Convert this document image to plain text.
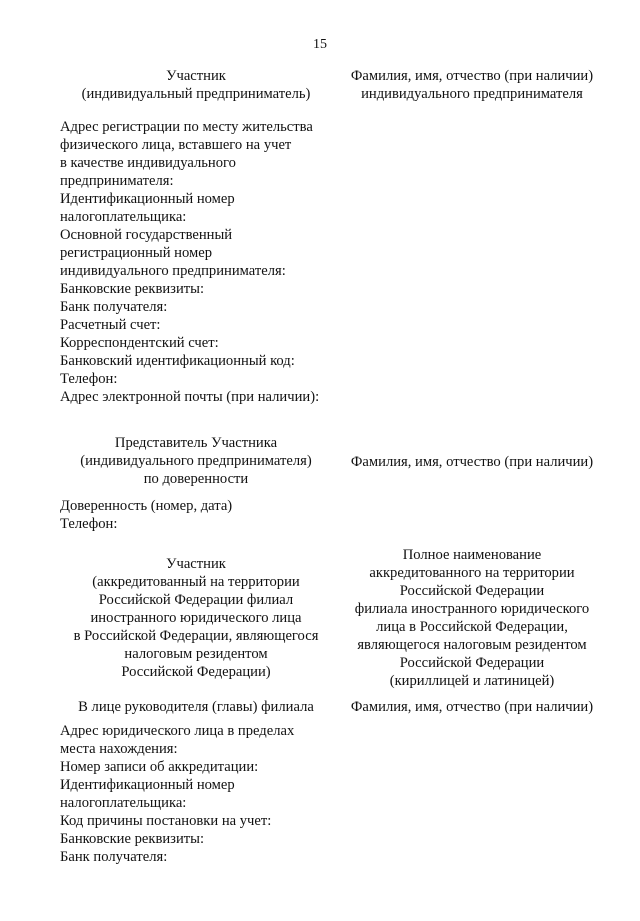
15
Участник
(индивидуальный предприниматель)
Фамилия, имя, отчество (при наличии)
индивидуального предпринимателя
Адрес регистрации по месту жительства
физического лица, вставшего на учет
в качестве индивидуального
предпринимателя:
Идентификационный номер
налогоплательщика:
Основной государственный
регистрационный номер
индивидуального предпринимателя:
Банковские реквизиты:
Банк получателя:
Расчетный счет:
Корреспондентский счет:
Банковский идентификационный код:
Телефон:
Адрес электронной почты (при наличии):
Представитель Участника
(индивидуального предпринимателя)
по доверенности
Фамилия, имя, отчество (при наличии)
Доверенность (номер, дата)
Телефон:
Участник
(аккредитованный на территории
Российской Федерации филиал
иностранного юридического лица
в Российской Федерации, являющегося
налоговым резидентом
Российской Федерации)
Полное наименование
аккредитованного на территории
Российской Федерации
филиала иностранного юридического
лица в Российской Федерации,
являющегося налоговым резидентом
Российской Федерации
(кириллицей и латиницей)
В лице руководителя (главы) филиала	Фамилия, имя, отчество (при наличии)
Адрес юридического лица в пределах
места нахождения:
Номер записи об аккредитации:
Идентификационный номер
налогоплательщика:
Код причины постановки на учет:
Банковские реквизиты:
Банк получателя:
